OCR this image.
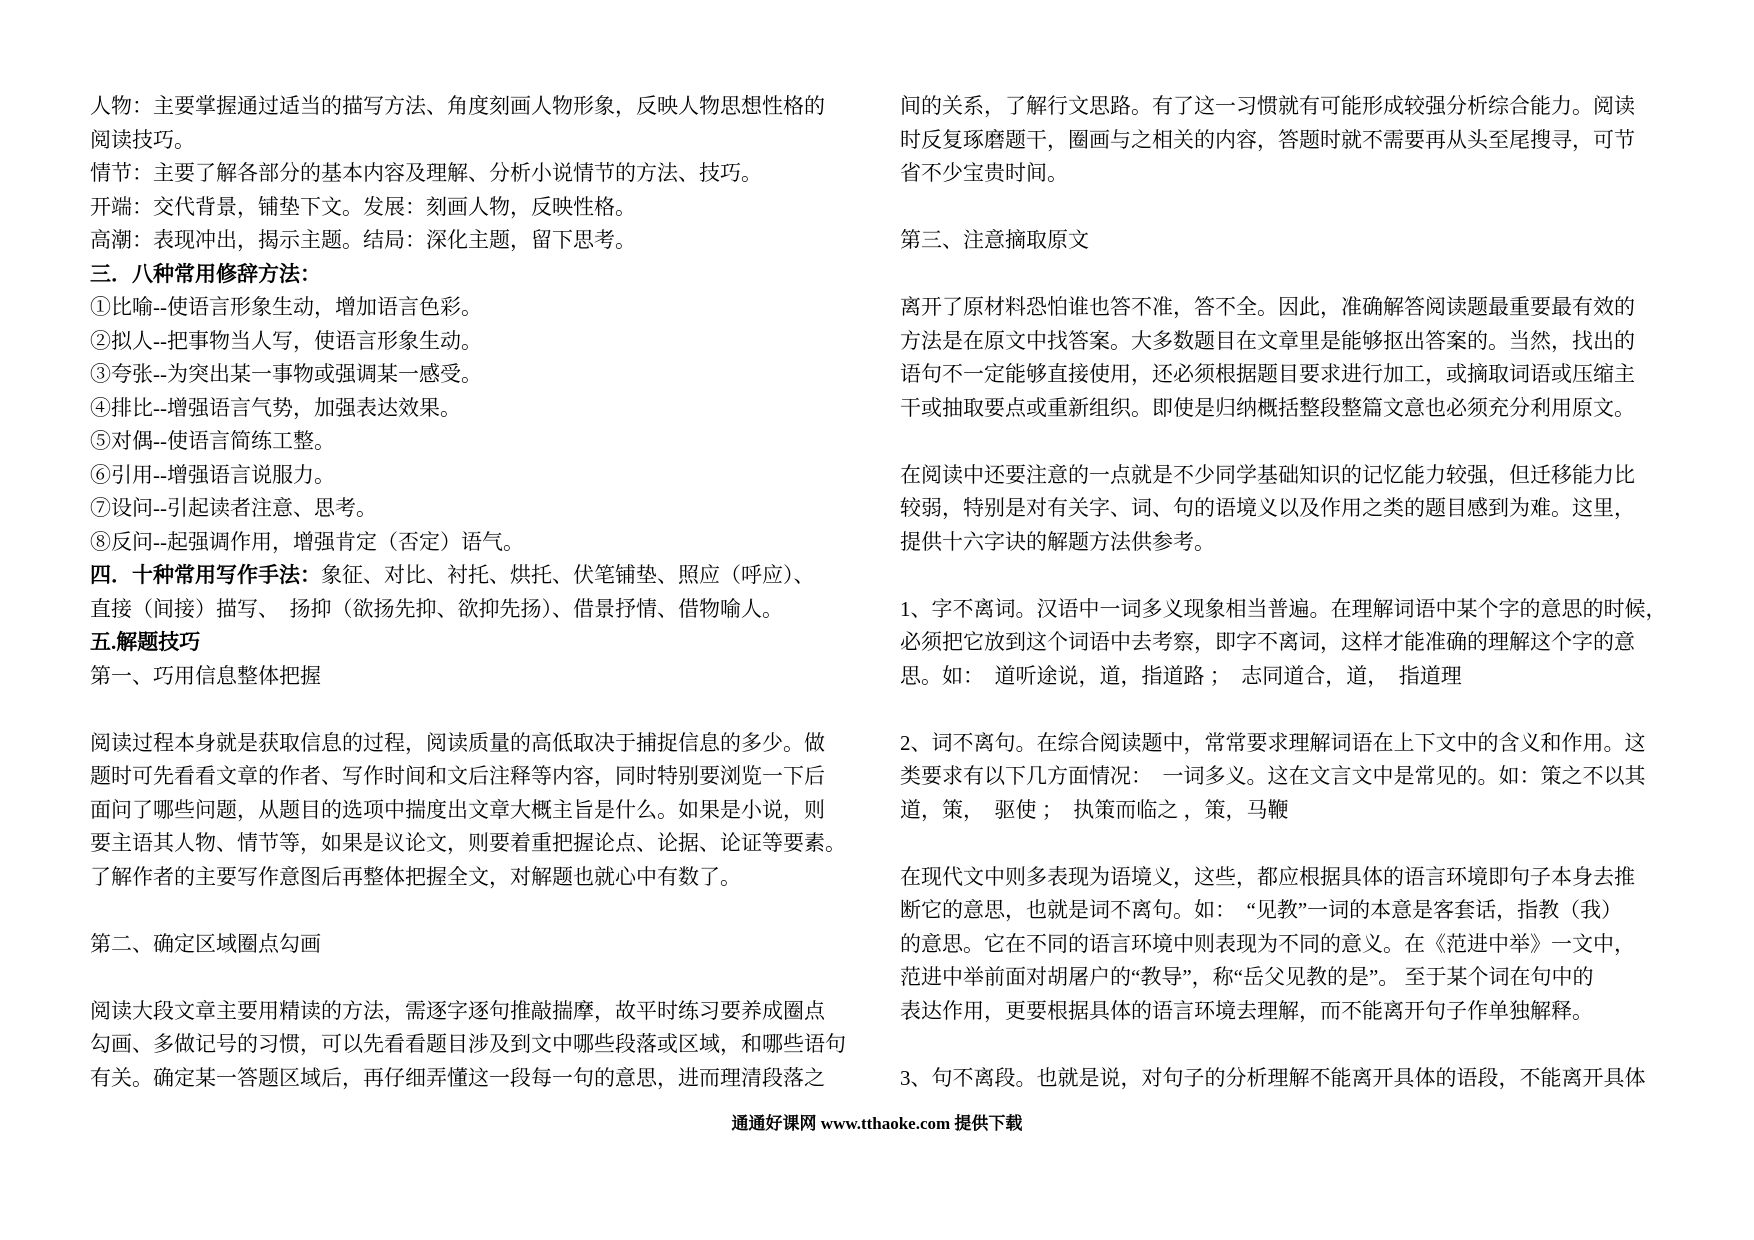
人物：主要掌握通过适当的描写方法、角度刻画人物形象，反映人物思想性格的
阅读技巧。
情节：主要了解各部分的基本内容及理解、分析小说情节的方法、技巧。
开端：交代背景，铺垫下文。发展：刻画人物，反映性格。
高潮：表现冲出，揭示主题。结局：深化主题，留下思考。
三．八种常用修辞方法：
①比喻--使语言形象生动，增加语言色彩。
②拟人--把事物当人写，使语言形象生动。
③夸张--为突出某一事物或强调某一感受。
④排比--增强语言气势，加强表达效果。
⑤对偶--使语言简练工整。
⑥引用--增强语言说服力。
⑦设问--引起读者注意、思考。
⑧反问--起强调作用，增强肯定（否定）语气。
四．十种常用写作手法：象征、对比、衬托、烘托、伏笔铺垫、照应（呼应）、
直接（间接）描写、  扬抑（欲扬先抑、欲抑先扬）、借景抒情、借物喻人。
五.解题技巧
第一、巧用信息整体把握
阅读过程本身就是获取信息的过程，阅读质量的高低取决于捕捉信息的多少。做
题时可先看看文章的作者、写作时间和文后注释等内容，同时特别要浏览一下后
面问了哪些问题，从题目的选项中揣度出文章大概主旨是什么。如果是小说，则
要主语其人物、情节等，如果是议论文，则要着重把握论点、论据、论证等要素。
了解作者的主要写作意图后再整体把握全文，对解题也就心中有数了。
第二、确定区域圈点勾画
阅读大段文章主要用精读的方法，需逐字逐句推敲揣摩，故平时练习要养成圈点
勾画、多做记号的习惯，可以先看看题目涉及到文中哪些段落或区域，和哪些语句
有关。确定某一答题区域后，再仔细弄懂这一段每一句的意思，进而理清段落之
间的关系，了解行文思路。有了这一习惯就有可能形成较强分析综合能力。阅读
时反复琢磨题干，圈画与之相关的内容，答题时就不需要再从头至尾搜寻，可节
省不少宝贵时间。
第三、注意摘取原文
离开了原材料恐怕谁也答不准，答不全。因此，准确解答阅读题最重要最有效的
方法是在原文中找答案。大多数题目在文章里是能够抠出答案的。当然，找出的
语句不一定能够直接使用，还必须根据题目要求进行加工，或摘取词语或压缩主
干或抽取要点或重新组织。即使是归纳概括整段整篇文意也必须充分利用原文。
在阅读中还要注意的一点就是不少同学基础知识的记忆能力较强，但迁移能力比
较弱，特别是对有关字、词、句的语境义以及作用之类的题目感到为难。这里，
提供十六字诀的解题方法供参考。
1、字不离词。汉语中一词多义现象相当普遍。在理解词语中某个字的意思的时候，
必须把它放到这个词语中去考察，即字不离词，这样才能准确的理解这个字的意
思。如：  道听途说，道，指道路 ；  志同道合，道，  指道理
2、词不离句。在综合阅读题中，常常要求理解词语在上下文中的含义和作用。这
类要求有以下几方面情况：  一词多义。这在文言文中是常见的。如：策之不以其
道，策，  驱使 ；  执策而临之 ，策，马鞭
在现代文中则多表现为语境义，这些，都应根据具体的语言环境即句子本身去推
断它的意思，也就是词不离句。如：  “见教”一词的本意是客套话，指教（我）
的意思。它在不同的语言环境中则表现为不同的意义。在《范进中举》一文中，
范进中举前面对胡屠户的“教导”，称“岳父见教的是”。 至于某个词在句中的
表达作用，更要根据具体的语言环境去理解，而不能离开句子作单独解释。
3、句不离段。也就是说，对句子的分析理解不能离开具体的语段，不能离开具体
通通好课网 www.tthaoke.com 提供下载
